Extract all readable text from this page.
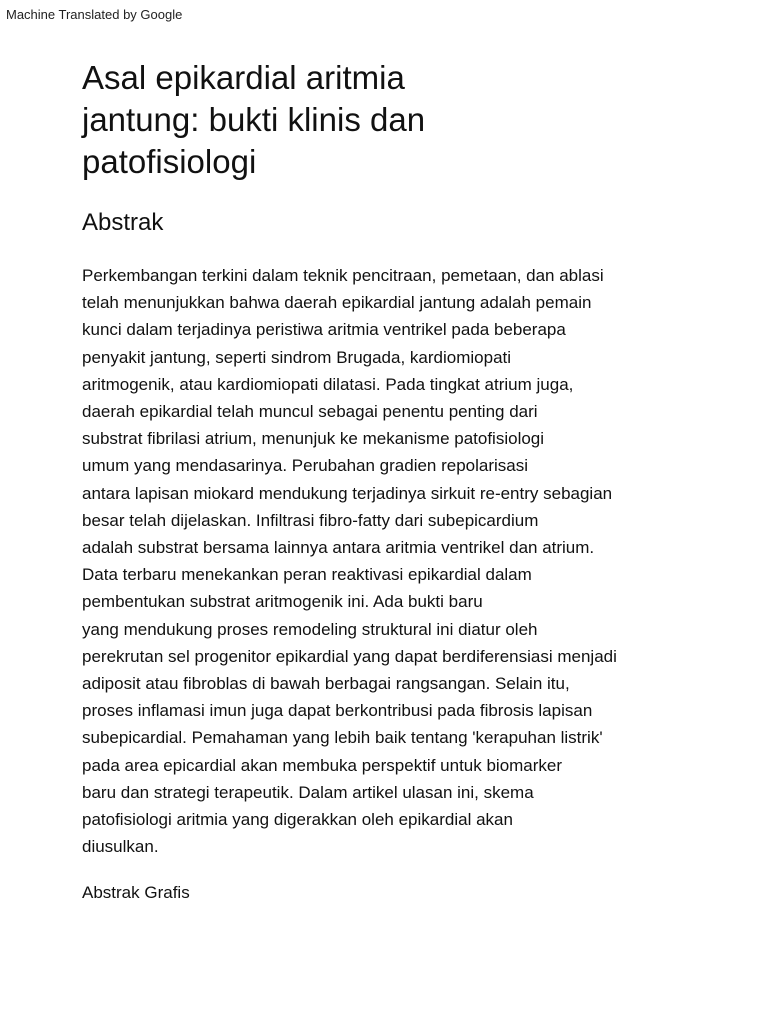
Machine Translated by Google
Asal epikardial aritmia
jantung: bukti klinis dan
patofisiologi
Abstrak
Perkembangan terkini dalam teknik pencitraan, pemetaan, dan ablasi
telah menunjukkan bahwa daerah epikardial jantung adalah pemain
kunci dalam terjadinya peristiwa aritmia ventrikel pada beberapa
penyakit jantung, seperti sindrom Brugada, kardiomiopati
aritmogenik, atau kardiomiopati dilatasi. Pada tingkat atrium juga,
daerah epikardial telah muncul sebagai penentu penting dari
substrat fibrilasi atrium, menunjuk ke mekanisme patofisiologi
umum yang mendasarinya. Perubahan gradien repolarisasi
antara lapisan miokard mendukung terjadinya sirkuit re-entry sebagian
besar telah dijelaskan. Infiltrasi fibro-fatty dari subepicardium
adalah substrat bersama lainnya antara aritmia ventrikel dan atrium.
Data terbaru menekankan peran reaktivasi epikardial dalam
pembentukan substrat aritmogenik ini. Ada bukti baru
yang mendukung proses remodeling struktural ini diatur oleh
perekrutan sel progenitor epikardial yang dapat berdiferensiasi menjadi
adiposit atau fibroblas di bawah berbagai rangsangan. Selain itu,
proses inflamasi imun juga dapat berkontribusi pada fibrosis lapisan
subepicardial. Pemahaman yang lebih baik tentang 'kerapuhan listrik'
pada area epicardial akan membuka perspektif untuk biomarker
baru dan strategi terapeutik. Dalam artikel ulasan ini, skema
patofisiologi aritmia yang digerakkan oleh epikardial akan
diusulkan.
Abstrak Grafis
